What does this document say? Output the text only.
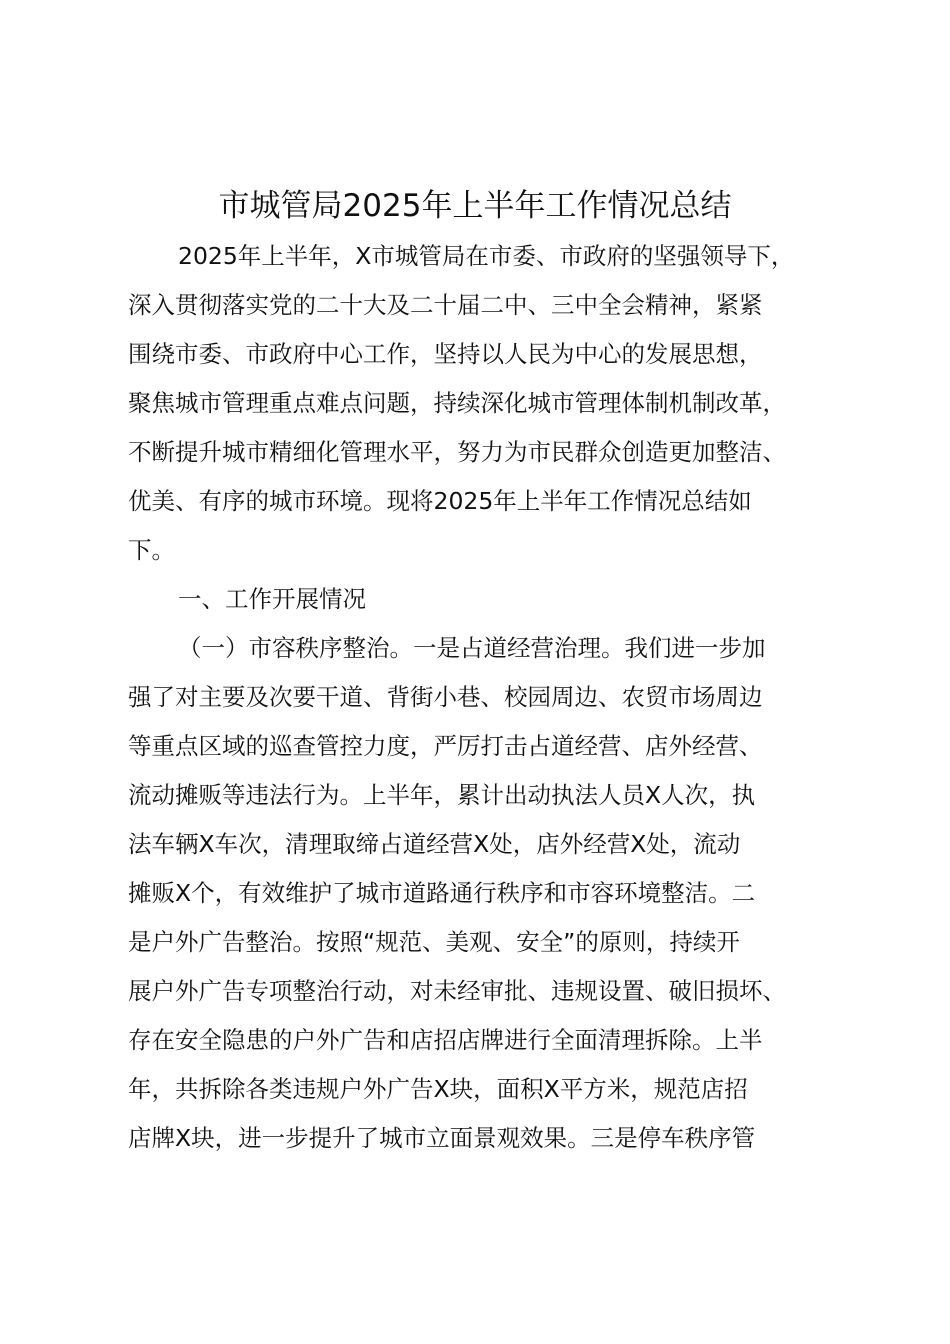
市城管局2025年上半年工作情况总结

2025年上半年，X市城管局在市委、市政府的坚强领导下，

深入贯彻落实党的二十大及二十届二中、三中全会精神，紧紧

围绕市委、市政府中心工作，坚持以人民为中心的发展思想，

聚焦城市管理重点难点问题，持续深化城市管理体制机制改革，

不断提升城市精细化管理水平，努力为市民群众创造更加整洁、

优美、有序的城市环境。现将2025年上半年工作情况总结如

下。

一、工作开展情况

（一）市容秩序整治。一是占道经营治理。我们进一步加

强了对主要及次要干道、背街小巷、校园周边、农贸市场周边

等重点区域的巡查管控力度，严厉打击占道经营、店外经营、

流动摊贩等违法行为。上半年，累计出动执法人员X人次，执

法车辆X车次，清理取缔占道经营X处，店外经营X处，流动

摊贩X个，有效维护了城市道路通行秩序和市容环境整洁。二

是户外广告整治。按照“规范、美观、安全”的原则，持续开

展户外广告专项整治行动，对未经审批、违规设置、破旧损坏、

存在安全隐患的户外广告和店招店牌进行全面清理拆除。上半

年，共拆除各类违规户外广告X块，面积X平方米，规范店招

店牌X块，进一步提升了城市立面景观效果。三是停车秩序管
